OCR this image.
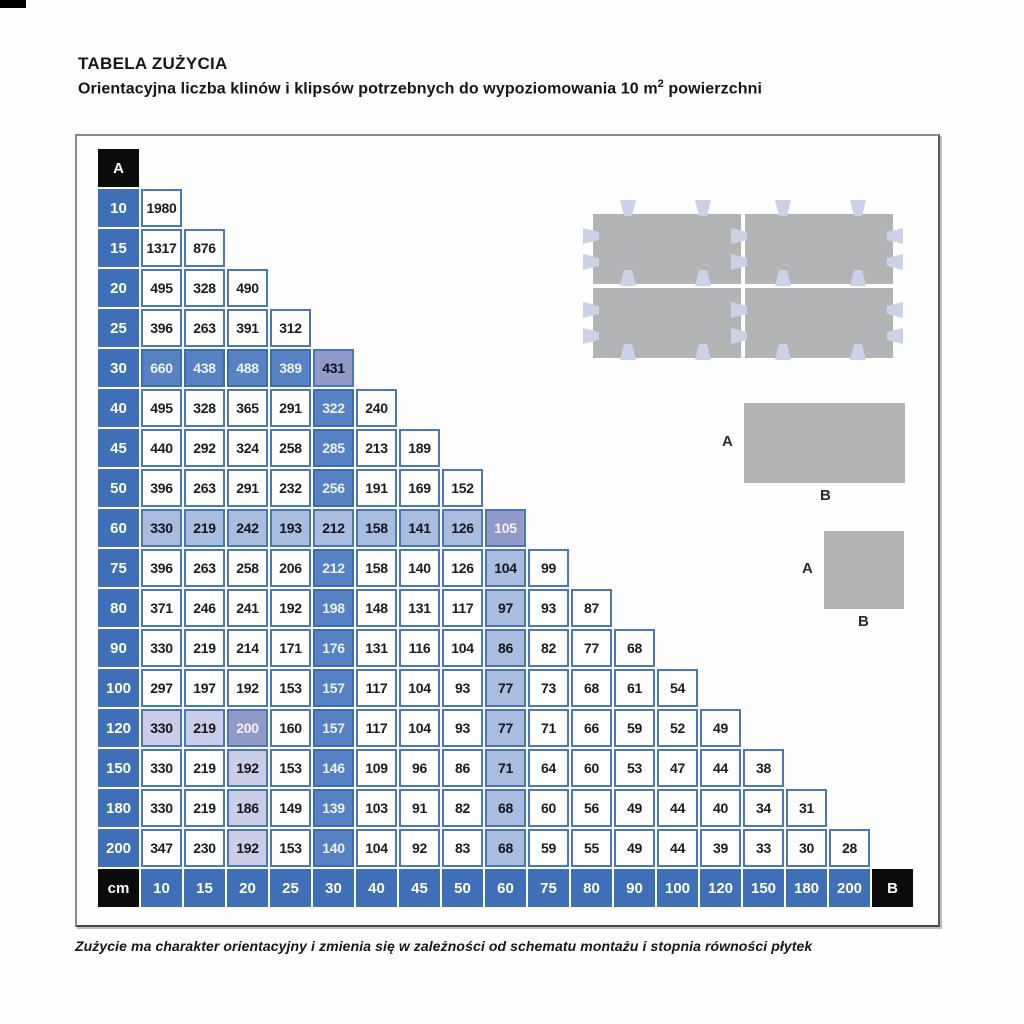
TABELA ZUŻYCIA
Orientacyjna liczba klinów i klipsów potrzebnych do wypoziomowania 10 $m^2$ powierzchni
A
10	1980
15	1317	876
20	495	328	490
25	396	263	391	312
30	660	438	488	389	431
40	495	328	365	291	322	240
45	440	292	324	258	285	213	189
50	396	263	291	232	256	191	169	152
60	330	219	242	193	212	158	141	126	105
75	396	263	258	206	212	158	140	126	104	99
80	371	246	241	192	198	148	131	117	97	93	87
90	330	219	214	171	176	131	116	104	86	82	77	68
100	297	197	192	153	157	117	104	93	77	73	68	61	54
120	330	219	200	160	157	117	104	93	77	71	66	59	52	49
150	330	219	192	153	146	109	96	86	71	64	60	53	47	44	38
180	330	219	186	149	139	103	91	82	68	60	56	49	44	40	34	31
200	347	230	192	153	140	104	92	83	68	59	55	49	44	39	33	30	28
cm	10	15	20	25	30	40	45	50	60	75	80	90	100	120	150	180	200	B
A
B
A
B
Zużycie ma charakter orientacyjny i zmienia się w zależności od schematu montażu i stopnia równości płytek
